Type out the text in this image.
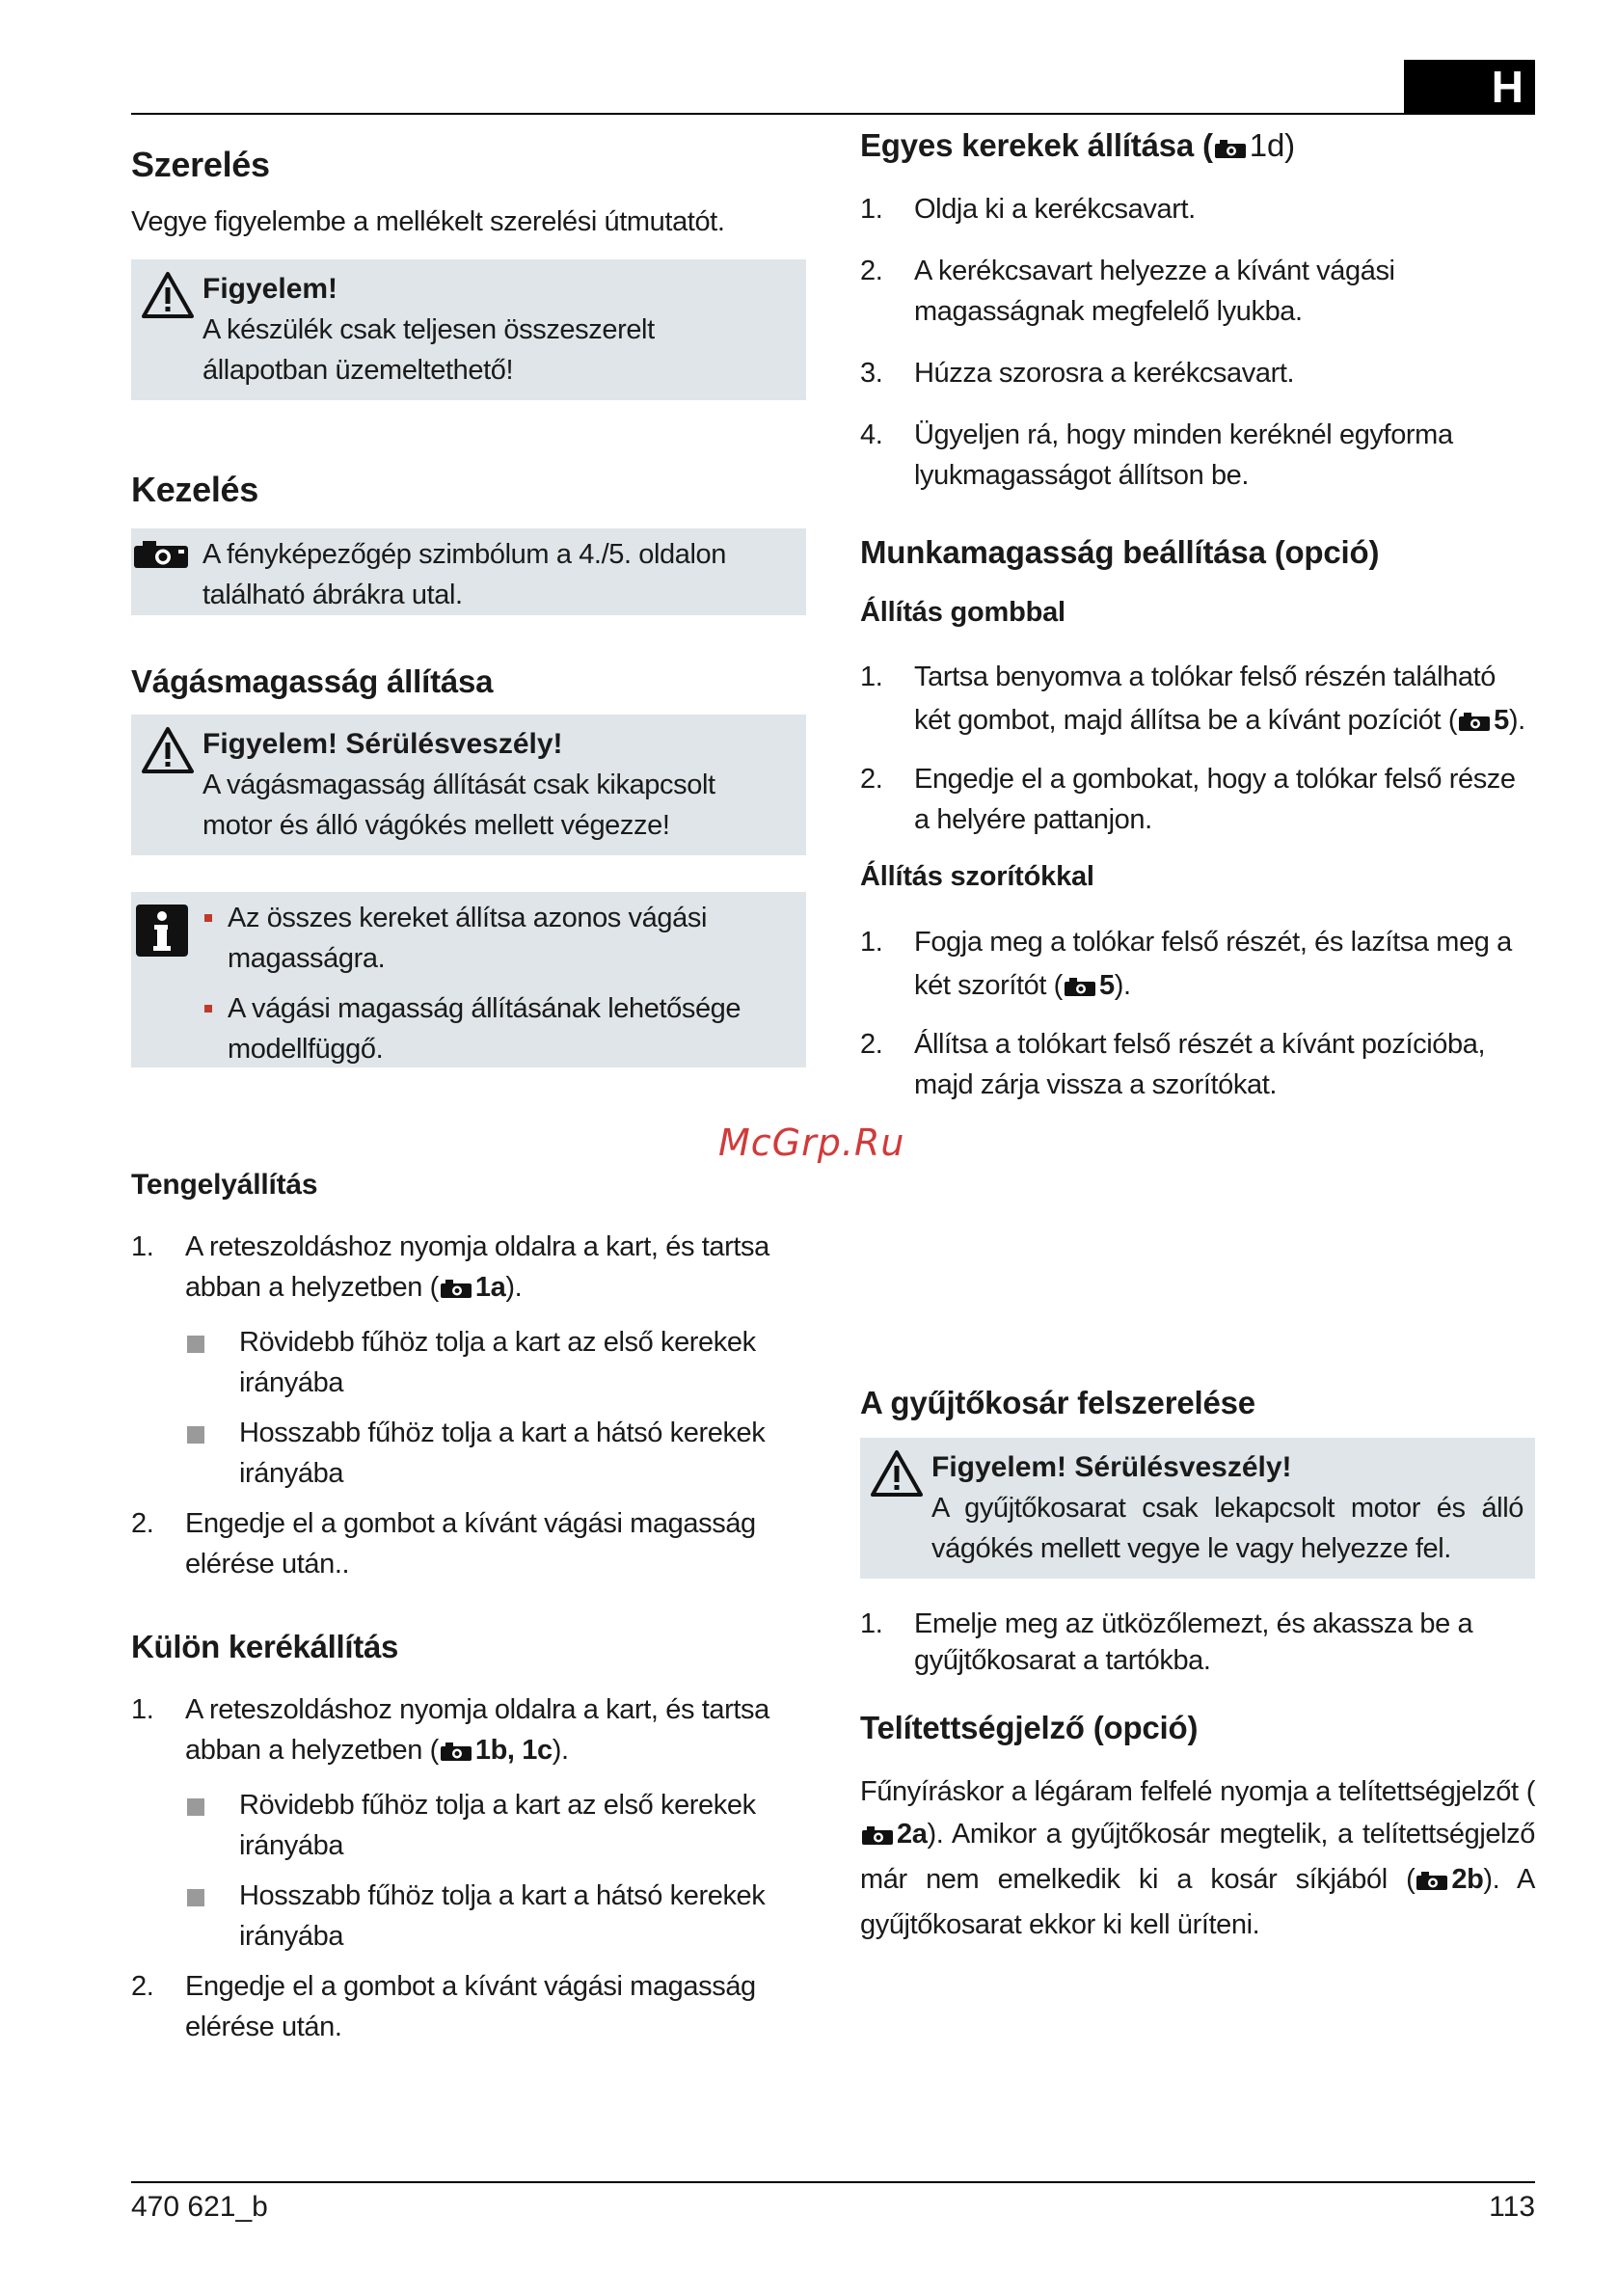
H
Szerelés

Vegye figyelembe a mellékelt szerelési útmutatót.

Figyelem!

A készülék csak teljesen összeszerelt állapotban üzemeltethető!

Kezelés

A fényképezőgép szimbólum a 4./5. oldalon található ábrákra utal.

Vágásmagasság állítása
Figyelem! Sérülésveszély!

A vágásmagasság állítását csak kikapcsolt motor és álló vágókés mellett végezze!

Az összes kereket állítsa azonos vágási magasságra.
A vágási magasság állításának lehetősége modellfüggő.
Tengelyállítás
1. A reteszoldáshoz nyomja oldalra a kart, és tartsa abban a helyzetben ( 1a).
Rövidebb fűhöz tolja a kart az első kerekek irányába
Hosszabb fűhöz tolja a kart a hátsó kerekek irányába
2. Engedje el a gombot a kívánt vágási magasság elérése után..
Külön kerékállítás
1. A reteszoldáshoz nyomja oldalra a kart, és tartsa abban a helyzetben ( 1b, 1c).
Rövidebb fűhöz tolja a kart az első kerekek irányába
Hosszabb fűhöz tolja a kart a hátsó kerekek irányába
2. Engedje el a gombot a kívánt vágási magasság elérése után.
Egyes kerekek állítása ( 1d)
1. Oldja ki a kerékcsavart.
2. A kerékcsavart helyezze a kívánt vágási magasságnak megfelelő lyukba.
3. Húzza szorosra a kerékcsavart.
4. Ügyeljen rá, hogy minden keréknél egyforma lyukmagasságot állítson be.
Munkamagasság beállítása (opció)
Állítás gombbal
1. Tartsa benyomva a tolókar felső részén található két gombot, majd állítsa be a kívánt pozíciót ( 5).
2. Engedje el a gombokat, hogy a tolókar felső része a helyére pattanjon.
Állítás szorítókkal
1. Fogja meg a tolókar felső részét, és lazítsa meg a két szorítót ( 5).
2. Állítsa a tolókart felső részét a kívánt pozícióba, majd zárja vissza a szorítókat.
A gyűjtőkosár felszerelése
Figyelem! Sérülésveszély!

A gyűjtőkosarat csak lekapcsolt motor és álló vágókés mellett vegye le vagy helyezze fel.

1. Emelje meg az ütközőlemezt, és akassza be a gyűjtőkosarat a tartókba.
Telítettségjelző (opció)

Fűnyíráskor a légáram felfelé nyomja a telítettségjelzőt (2a). Amikor a gyűjtőkosár megtelik, a telítettségjelző már nem emelkedik ki a kosár síkjából ( 2b). A gyűjtőkosarat ekkor ki kell üríteni.

McGrp.Ru
470 621_b	113
